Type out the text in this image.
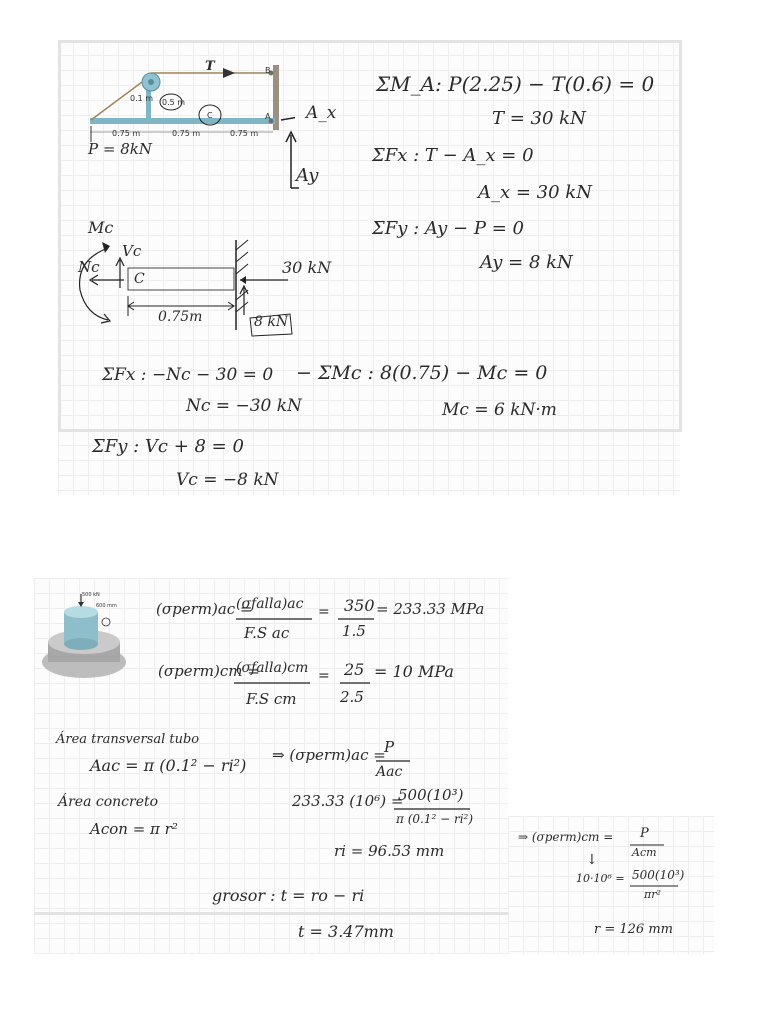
0.1 m 0.5 m
C	A
B
T
0.75 m	0.75 m	0.75 m
P = 8kN
A_x
Ay
ΣM_A: P(2.25) − T(0.6) = 0
T = 30 kN
ΣFx : T − A_x = 0
A_x = 30 kN
ΣFy : Ay − P = 0
Ay = 8 kN
Mc
Vc
Nc
C
30 kN
0.75m	8 kN
ΣFx : −Nc − 30 = 0
Nc = −30 kN
− ΣMc : 8(0.75) − Mc = 0
Mc = 6 kN·m
ΣFy : Vc + 8 = 0
Vc = −8 kN
500 kN
600 mm	(σperm)ac =
(σfalla)ac
F.S ac
= 350
1.5
= 233.33 MPa
(σperm)cm =
(σfalla)cm
F.S cm
= 25
2.5
= 10 MPa
Área transversal tubo
Aac = π (0.1² − ri²)
Área concreto
Acon = π r²
⇒ (σperm)ac =
P
Aac
233.33 (10⁶) =
500(10³)
π (0.1² − ri²)
ri = 96.53 mm
grosor : t = ro − ri
t = 3.47mm
⇒ (σperm)cm = P
Acm
↓
10·10⁶ = 500(10³)
πr²
r = 126 mm
